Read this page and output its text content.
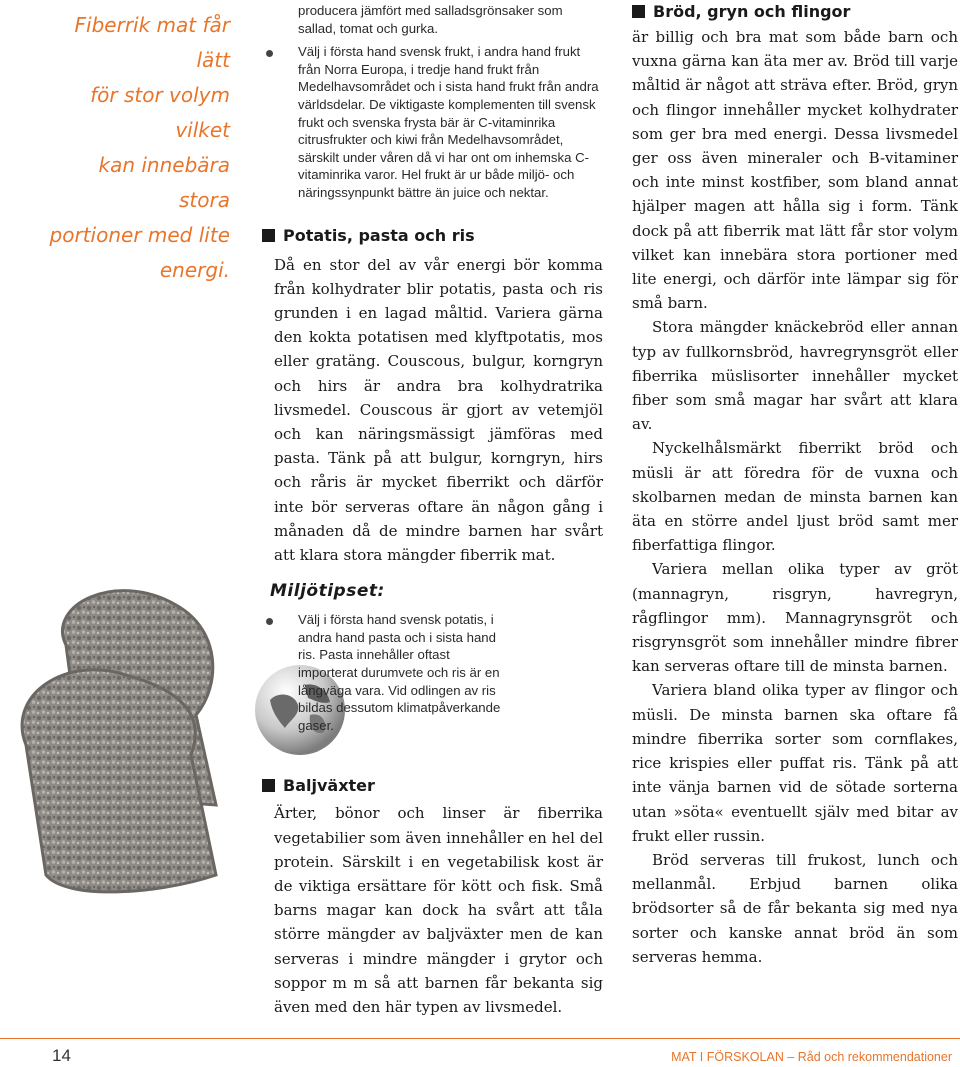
Fiberrik mat får lätt
för stor volym vilket
kan innebära stora
portioner med lite
energi.

producera jämfört med salladsgrönsaker som sallad, tomat och gurka.

Välj i första hand svensk frukt, i andra hand frukt från Norra Europa, i tredje hand frukt från Medelhavsområdet och i sista hand frukt från andra världsdelar. De viktigaste komplementen till svensk frukt och svenska frysta bär är C-vitaminrika citrusfrukter och kiwi från Medelhavsområdet, särskilt under våren då vi har ont om inhemska C-vitaminrika varor. Hel frukt är ur både miljö- och näringssynpunkt bättre än juice och nektar.
Potatis, pasta och ris

Då en stor del av vår energi bör komma från kolhydrater blir potatis, pasta och ris grunden i en lagad måltid. Variera gärna den kokta potatisen med klyftpotatis, mos eller gratäng. Couscous, bulgur, korngryn och hirs är andra bra kolhydratrika livsmedel. Couscous är gjort av vetemjöl och kan näringsmässigt jämföras med pasta. Tänk på att bulgur, korngryn, hirs och råris är mycket fiberrikt och därför inte bör serveras oftare än någon gång i månaden då de mindre barnen har svårt att klara stora mängder fiberrik mat.

Miljötipset:
Välj i första hand svensk potatis, i andra hand pasta och i sista hand ris. Pasta innehåller oftast importerat durumvete och ris är en långväga vara. Vid odlingen av ris bildas dessutom klimatpåverkande gaser.
Baljväxter

Ärter, bönor och linser är fiberrika vegetabilier som även innehåller en hel del protein. Särskilt i en vegetabilisk kost är de viktiga ersättare för kött och fisk. Små barns magar kan dock ha svårt att tåla större mängder av baljväxter men de kan serveras i mindre mängder i grytor och soppor m m så att barnen får bekanta sig även med den här typen av livsmedel.

Bröd, gryn och flingor

är billig och bra mat som både barn och vuxna gärna kan äta mer av. Bröd till varje måltid är något att sträva efter. Bröd, gryn och flingor innehåller mycket kolhydrater som ger bra med energi. Dessa livsmedel ger oss även mineraler och B-vitaminer och inte minst kostfiber, som bland annat hjälper magen att hålla sig i form. Tänk dock på att fiberrik mat lätt får stor volym vilket kan innebära stora portioner med lite energi, och därför inte lämpar sig för små barn.

Stora mängder knäckebröd eller annan typ av fullkornsbröd, havregrynsgröt eller fiberrika müslisorter innehåller mycket fiber som små magar har svårt att klara av.

Nyckelhålsmärkt fiberrikt bröd och müsli är att föredra för de vuxna och skolbarnen medan de minsta barnen kan äta en större andel ljust bröd samt mer fiberfattiga flingor.

Variera mellan olika typer av gröt (mannagryn, risgryn, havregryn, rågflingor mm). Mannagrynsgröt och risgrynsgröt som innehåller mindre fibrer kan serveras oftare till de minsta barnen.

Variera bland olika typer av flingor och müsli. De minsta barnen ska oftare få mindre fiberrika sorter som cornflakes, rice krispies eller puffat ris. Tänk på att inte vänja barnen vid de sötade sorterna utan »söta« eventuellt själv med bitar av frukt eller russin.

Bröd serveras till frukost, lunch och mellanmål. Erbjud barnen olika brödsorter så de får bekanta sig med nya sorter och kanske annat bröd än som serveras hemma.

14	MAT I FÖRSKOLAN – Råd och rekommendationer
